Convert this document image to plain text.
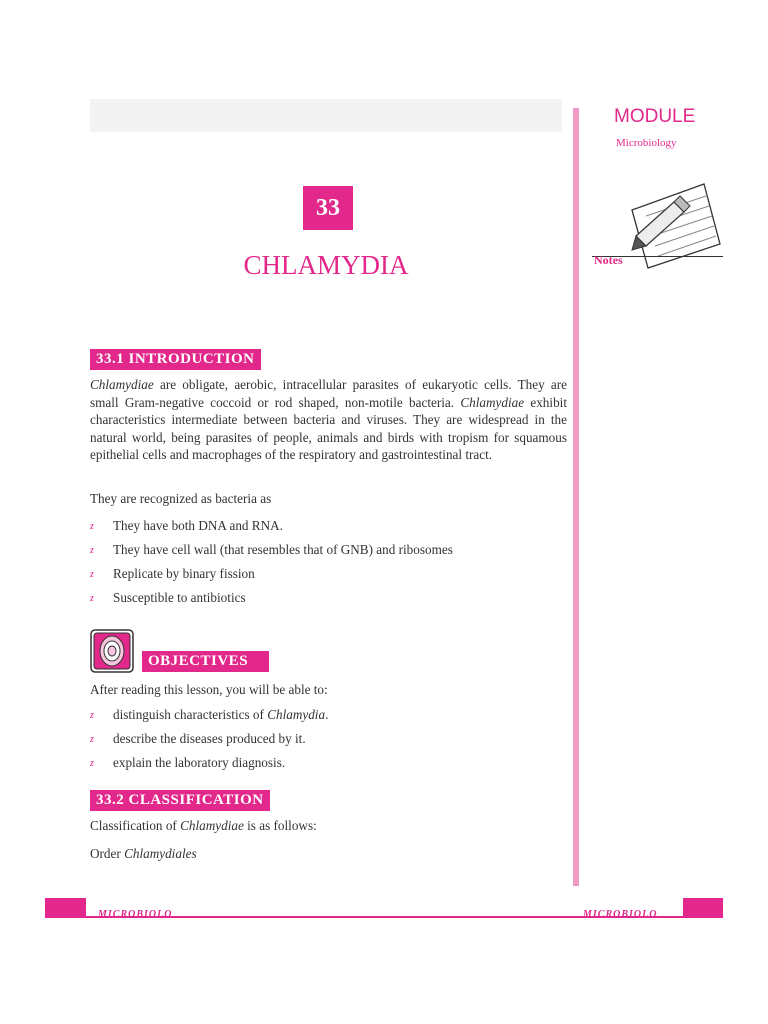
MODULE
Microbiology
Notes
33
CHLAMYDIA
33.1 INTRODUCTION

Chlamydiae are obligate, aerobic, intracellular parasites of eukaryotic cells. They are small Gram-negative coccoid or rod shaped, non-motile bacteria. Chlamydiae exhibit characteristics intermediate between bacteria and viruses. They are widespread in the natural world, being parasites of people, animals and birds with tropism for squamous epithelial cells and macrophages of the respiratory and gastrointestinal tract.

They are recognized as bacteria as
z They have both DNA and RNA.
z They have cell wall (that resembles that of GNB) and ribosomes
z Replicate by binary fission
z Susceptible to antibiotics
OBJECTIVES
After reading this lesson, you will be able to:
z distinguish characteristics of Chlamydia.
z describe the diseases produced by it.
z explain the laboratory diagnosis.
33.2 CLASSIFICATION
Classification of Chlamydiae is as follows:
Order Chlamydiales
MICROBIOLO	MICROBIOLO
